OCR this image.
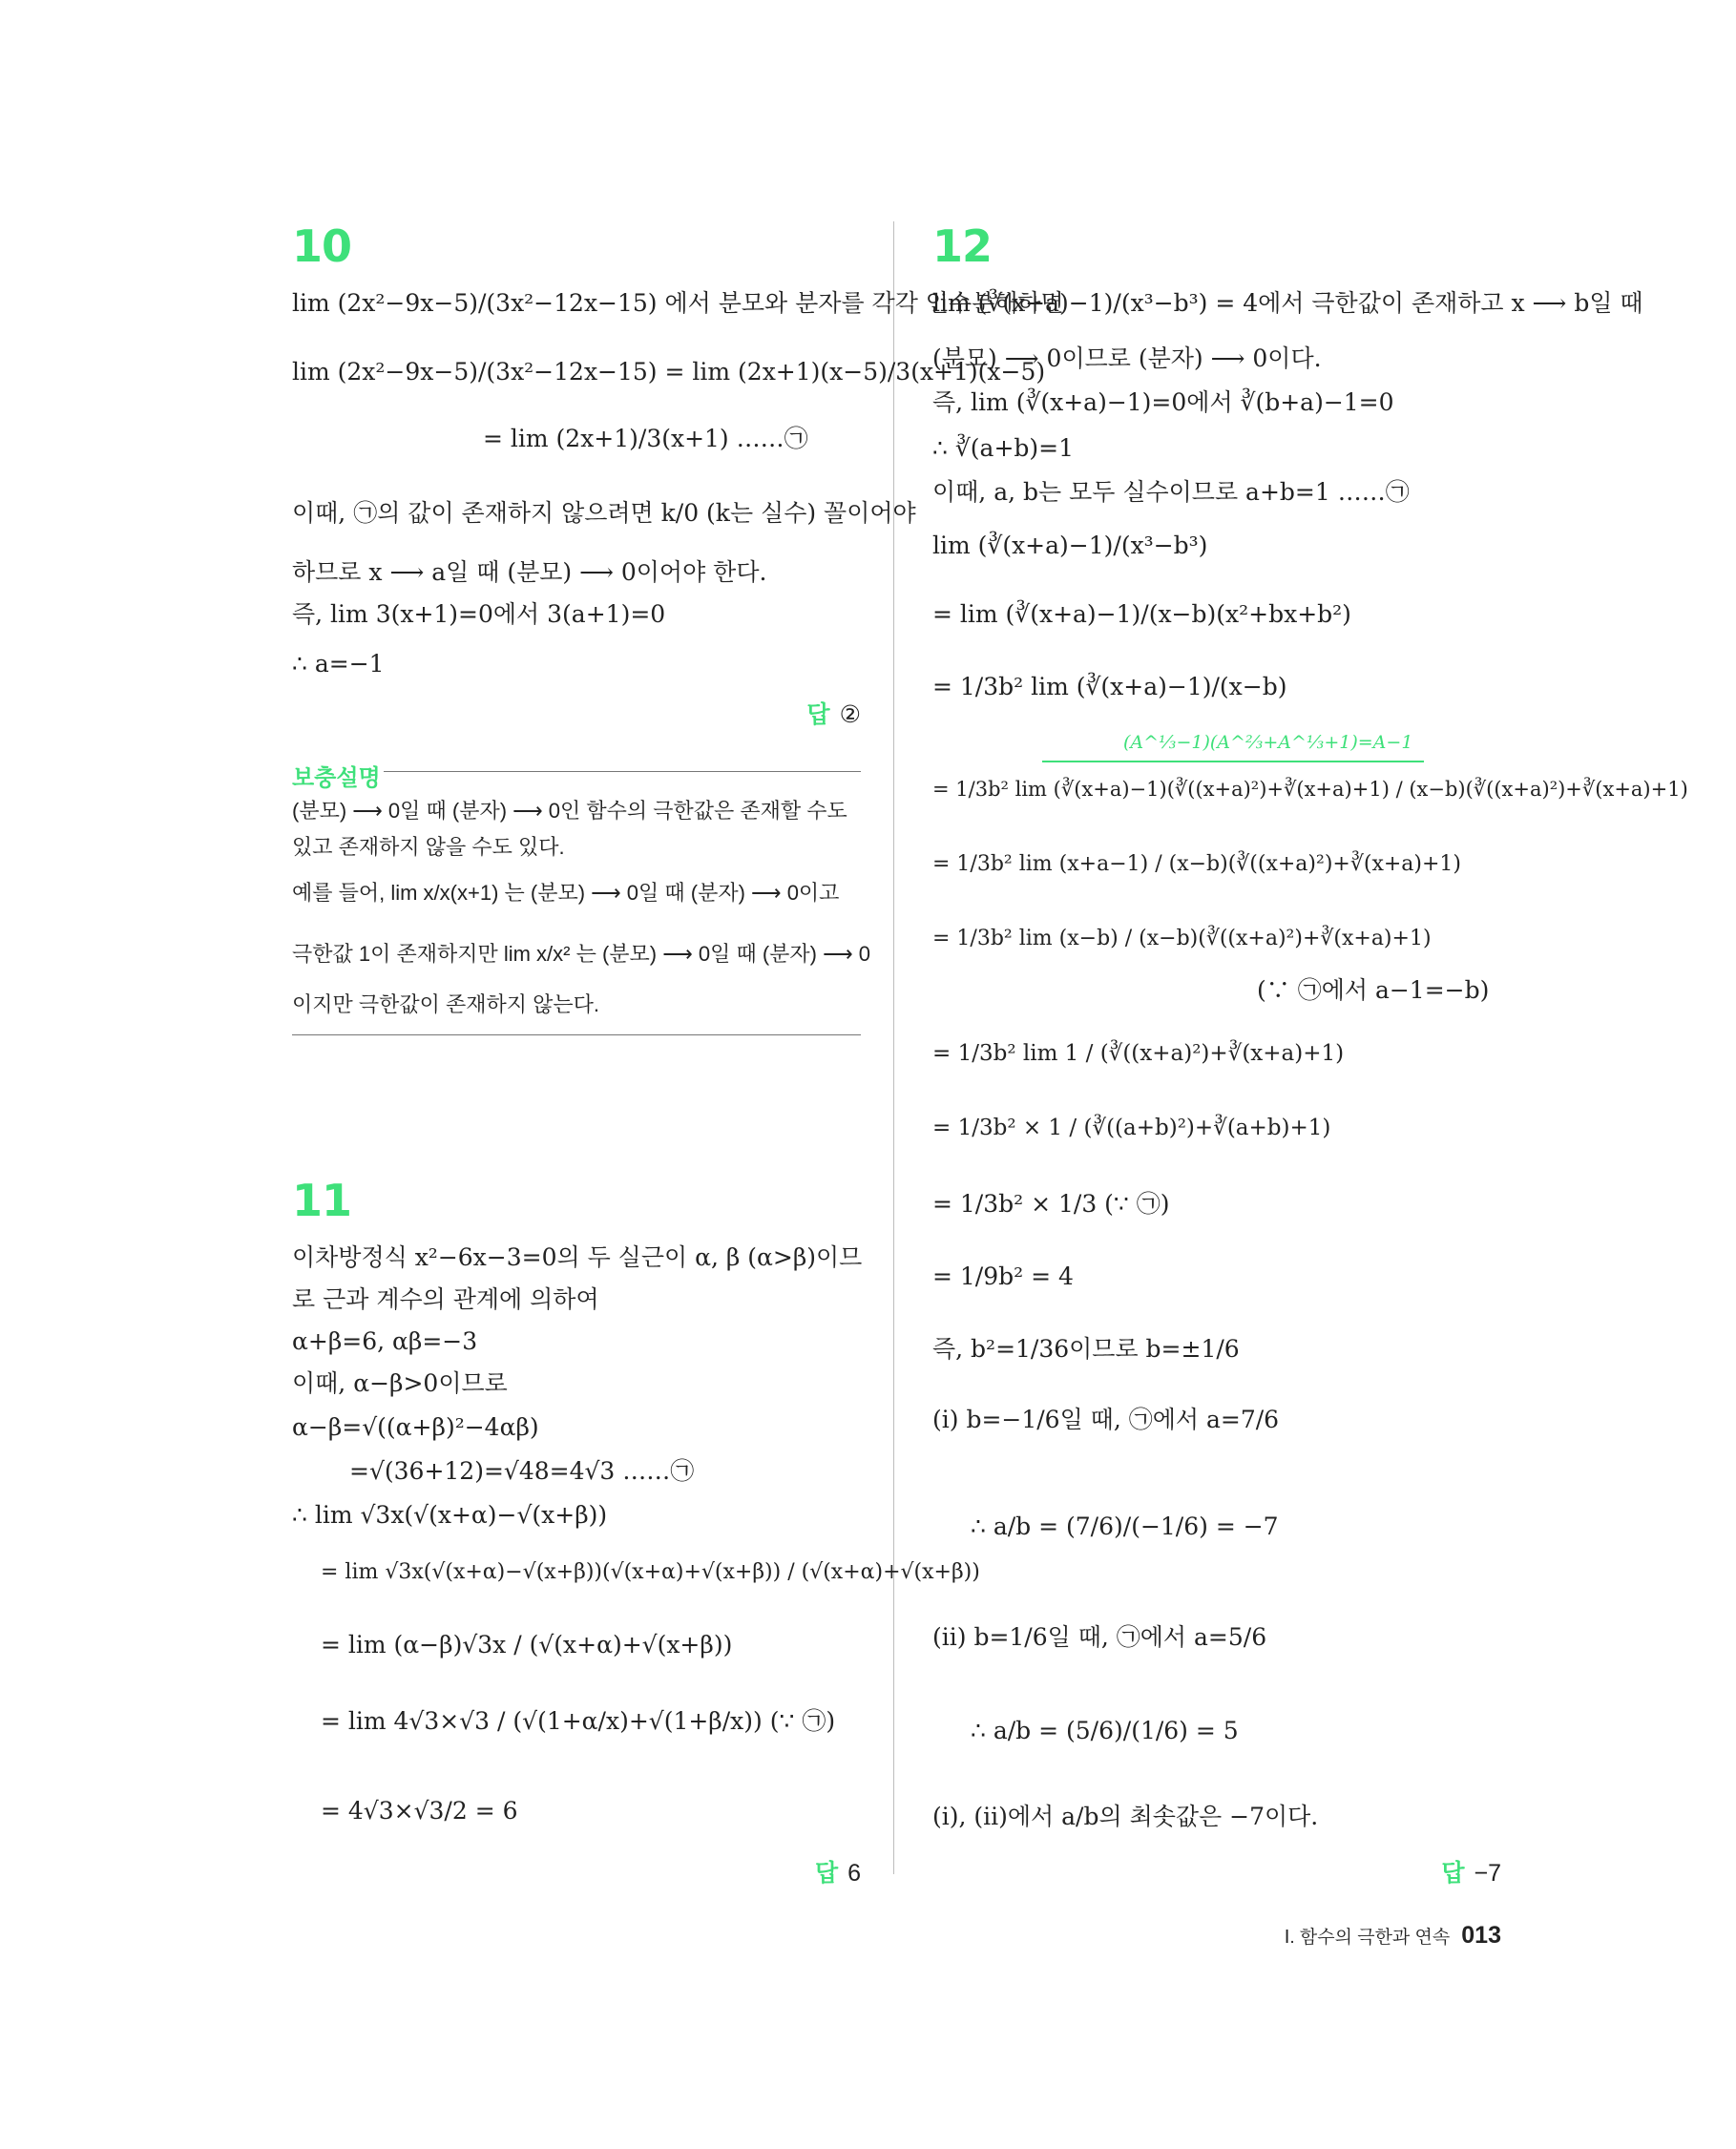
10
lim (2x²−9x−5)/(3x²−12x−15) 에서 분모와 분자를 각각 인수분해하면
lim (2x²−9x−5)/(3x²−12x−15) = lim (2x+1)(x−5)/3(x+1)(x−5)
= lim (2x+1)/3(x+1) ……㉠
이때, ㉠의 값이 존재하지 않으려면 k/0 (k는 실수) 꼴이어야
하므로 x ⟶ a일 때 (분모) ⟶ 0이어야 한다.
즉, lim 3(x+1)=0에서 3(a+1)=0
∴ a=−1
답 ②
보충설명
(분모) ⟶ 0일 때 (분자) ⟶ 0인 함수의 극한값은 존재할 수도
있고 존재하지 않을 수도 있다.
예를 들어, lim x/x(x+1) 는 (분모) ⟶ 0일 때 (분자) ⟶ 0이고
극한값 1이 존재하지만 lim x/x² 는 (분모) ⟶ 0일 때 (분자) ⟶ 0
이지만 극한값이 존재하지 않는다.
11
이차방정식 x²−6x−3=0의 두 실근이 α, β (α>β)이므
로 근과 계수의 관계에 의하여
α+β=6, αβ=−3
이때, α−β>0이므로
α−β=√((α+β)²−4αβ)
=√(36+12)=√48=4√3 ……㉠
∴ lim √3x(√(x+α)−√(x+β))
= lim √3x(√(x+α)−√(x+β))(√(x+α)+√(x+β)) / (√(x+α)+√(x+β))
= lim (α−β)√3x / (√(x+α)+√(x+β))
= lim 4√3×√3 / (√(1+α/x)+√(1+β/x)) (∵ ㉠)
= 4√3×√3/2 = 6
답 6
12
lim (∛(x+a)−1)/(x³−b³) = 4에서 극한값이 존재하고 x ⟶ b일 때
(분모) ⟶ 0이므로 (분자) ⟶ 0이다.
즉, lim (∛(x+a)−1)=0에서 ∛(b+a)−1=0
∴ ∛(a+b)=1
이때, a, b는 모두 실수이므로 a+b=1 ……㉠
lim (∛(x+a)−1)/(x³−b³)
= lim (∛(x+a)−1)/(x−b)(x²+bx+b²)
= 1/3b² lim (∛(x+a)−1)/(x−b)
(A^⅓−1)(A^⅔+A^⅓+1)=A−1
= 1/3b² lim (∛(x+a)−1)(∛((x+a)²)+∛(x+a)+1) / (x−b)(∛((x+a)²)+∛(x+a)+1)
= 1/3b² lim (x+a−1) / (x−b)(∛((x+a)²)+∛(x+a)+1)
= 1/3b² lim (x−b) / (x−b)(∛((x+a)²)+∛(x+a)+1)
(∵ ㉠에서 a−1=−b)
= 1/3b² lim 1 / (∛((x+a)²)+∛(x+a)+1)
= 1/3b² × 1 / (∛((a+b)²)+∛(a+b)+1)
= 1/3b² × 1/3 (∵ ㉠)
= 1/9b² = 4
즉, b²=1/36이므로 b=±1/6
(ⅰ) b=−1/6일 때, ㉠에서 a=7/6
∴ a/b = (7/6)/(−1/6) = −7
(ⅱ) b=1/6일 때, ㉠에서 a=5/6
∴ a/b = (5/6)/(1/6) = 5
(ⅰ), (ⅱ)에서 a/b의 최솟값은 −7이다.
답 −7
Ⅰ. 함수의 극한과 연속 013
